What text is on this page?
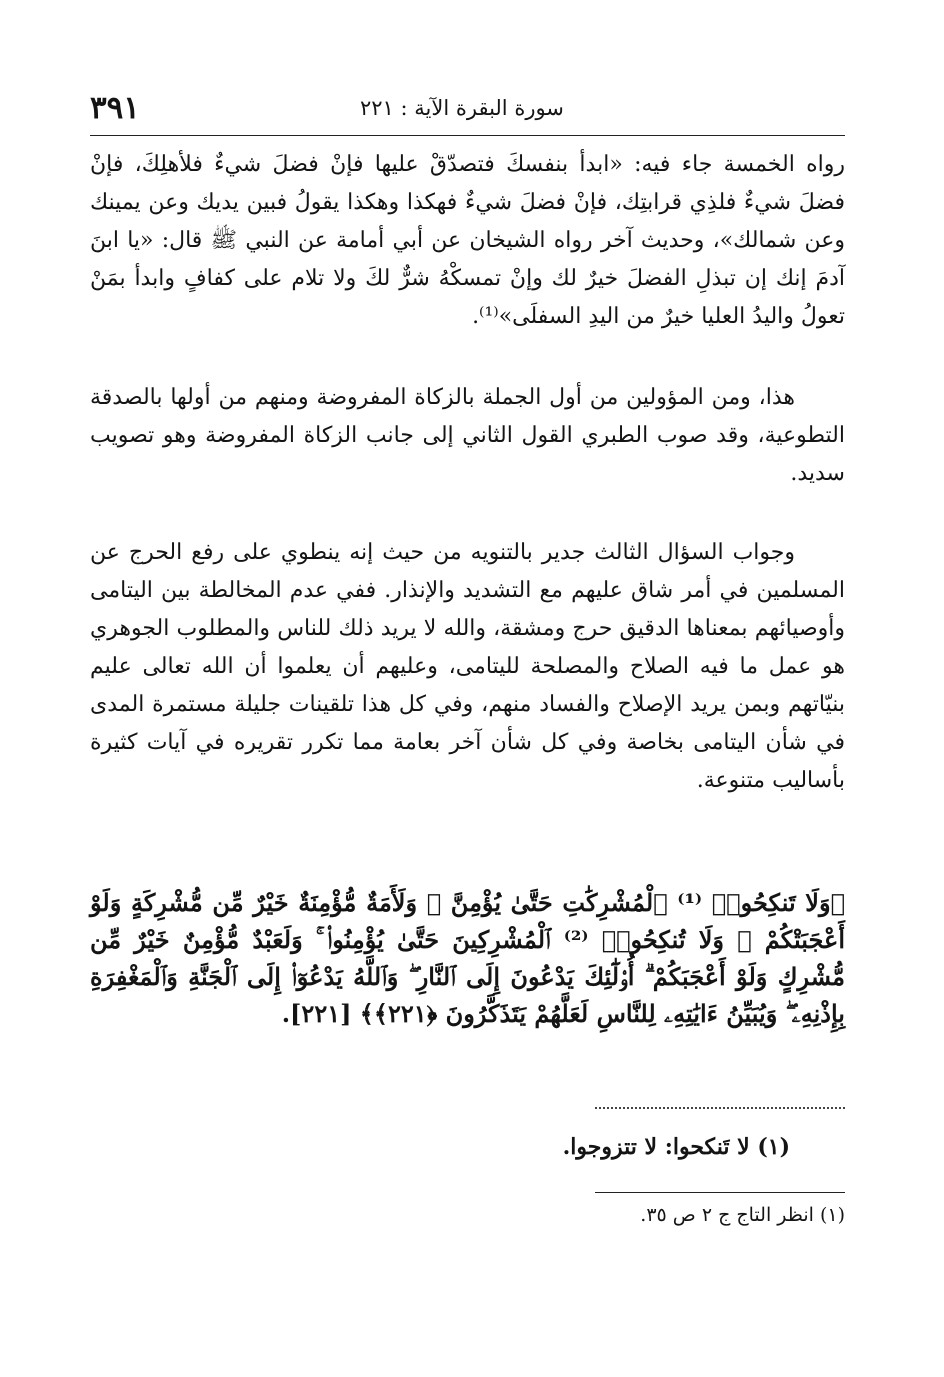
٣٩١	سورة البقرة الآية : ٢٢١

رواه الخمسة جاء فيه: «ابدأ بنفسكَ فتصدّقْ عليها فإنْ فضلَ شيءٌ فلأهلِكَ، فإنْ فضلَ شيءٌ فلذِي قرابتِك، فإنْ فضلَ شيءٌ فهكذا وهكذا يقولُ فبين يديك وعن يمينك وعن شمالك»، وحديث آخر رواه الشيخان عن أبي أمامة عن النبي ﷺ قال: «يا ابنَ آدمَ إنك إن تبذلِ الفضلَ خيرٌ لك وإنْ تمسكْهُ شرٌّ لكَ ولا تلام على كفافٍ وابدأ بمَنْ تعولُ واليدُ العليا خيرٌ من اليدِ السفلَى»⁽¹⁾.

هذا، ومن المؤولين من أول الجملة بالزكاة المفروضة ومنهم من أولها بالصدقة التطوعية، وقد صوب الطبري القول الثاني إلى جانب الزكاة المفروضة وهو تصويب سديد.

وجواب السؤال الثالث جدير بالتنويه من حيث إنه ينطوي على رفع الحرج عن المسلمين في أمر شاق عليهم مع التشديد والإنذار. ففي عدم المخالطة بين اليتامى وأوصيائهم بمعناها الدقيق حرج ومشقة، والله لا يريد ذلك للناس والمطلوب الجوهري هو عمل ما فيه الصلاح والمصلحة لليتامى، وعليهم أن يعلموا أن الله تعالى عليم بنيّاتهم وبمن يريد الإصلاح والفساد منهم، وفي كل هذا تلقينات جليلة مستمرة المدى في شأن اليتامى بخاصة وفي كل شأن آخر بعامة مما تكرر تقريره في آيات كثيرة بأساليب متنوعة.

﴿وَلَا تَنكِحُوا۟ ⁽¹⁾ ٱلْمُشْرِكَٰتِ حَتَّىٰ يُؤْمِنَّ ۚ وَلَأَمَةٌ مُّؤْمِنَةٌ خَيْرٌ مِّن مُّشْرِكَةٍ وَلَوْ أَعْجَبَتْكُمْ ۗ وَلَا تُنكِحُوا۟ ⁽²⁾ ٱلْمُشْرِكِينَ حَتَّىٰ يُؤْمِنُوا۟ ۚ وَلَعَبْدٌ مُّؤْمِنٌ خَيْرٌ مِّن مُّشْرِكٍ وَلَوْ أَعْجَبَكُمْ ۗ أُو۟لَٰٓئِكَ يَدْعُونَ إِلَى ٱلنَّارِ ۖ وَٱللَّهُ يَدْعُوٓا۟ إِلَى ٱلْجَنَّةِ وَٱلْمَغْفِرَةِ بِإِذْنِهِۦ ۖ وَيُبَيِّنُ ءَايَٰتِهِۦ لِلنَّاسِ لَعَلَّهُمْ يَتَذَكَّرُونَ ﴿٢٢١﴾﴾ [٢٢١].
(١) لا تَنكحوا: لا تتزوجوا.
(١) انظر التاج ج ٢ ص ٣٥.
